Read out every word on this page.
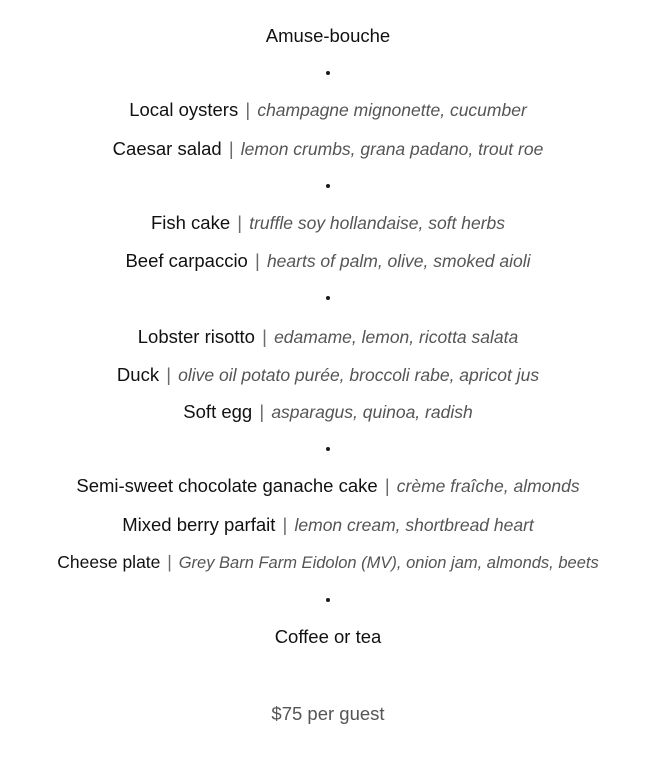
Amuse-bouche
Local oysters | champagne mignonette, cucumber
Caesar salad | lemon crumbs, grana padano, trout roe
Fish cake | truffle soy hollandaise, soft herbs
Beef carpaccio | hearts of palm, olive, smoked aioli
Lobster risotto | edamame, lemon, ricotta salata
Duck | olive oil potato purée, broccoli rabe, apricot jus
Soft egg | asparagus, quinoa, radish
Semi-sweet chocolate ganache cake | crème fraîche, almonds
Mixed berry parfait | lemon cream, shortbread heart
Cheese plate | Grey Barn Farm Eidolon (MV), onion jam, almonds, beets
Coffee or tea
$75 per guest
